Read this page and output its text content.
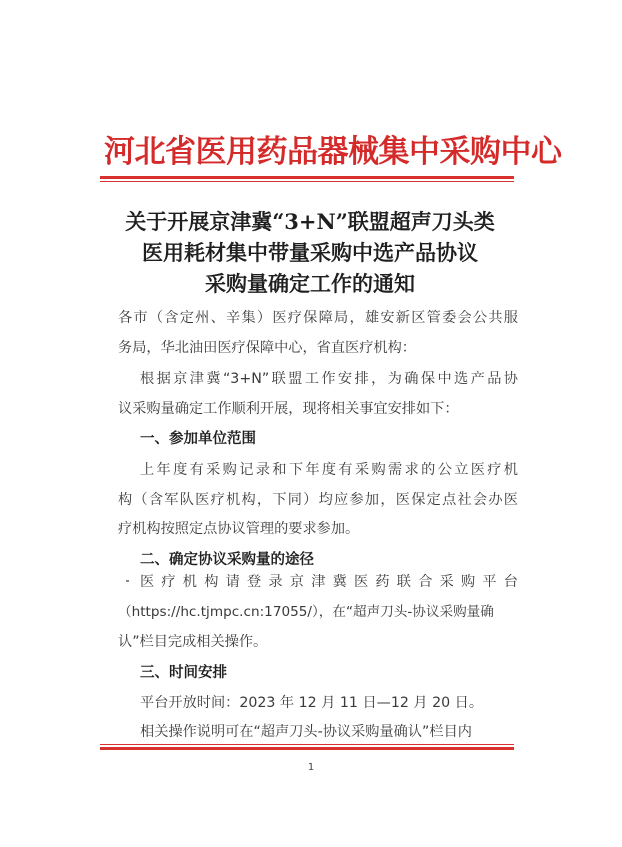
河北省医用药品器械集中采购中心
关于开展京津冀“3+N”联盟超声刀头类
医用耗材集中带量采购中选产品协议
采购量确定工作的通知
各市（含定州、辛集）医疗保障局，雄安新区管委会公共服
务局，华北油田医疗保障中心，省直医疗机构：
根据京津冀“3+N”联盟工作安排，为确保中选产品协
议采购量确定工作顺利开展，现将相关事宜安排如下：
一、参加单位范围
上年度有采购记录和下年度有采购需求的公立医疗机
构（含军队医疗机构，下同）均应参加，医保定点社会办医
疗机构按照定点协议管理的要求参加。
二、确定协议采购量的途径
医疗机构请登录京津冀医药联合采购平台
（https://hc.tjmpc.cn:17055/），在“超声刀头-协议采购量确
认”栏目完成相关操作。
三、时间安排
平台开放时间：2023 年 12 月 11 日—12 月 20 日。
相关操作说明可在“超声刀头-协议采购量确认”栏目内
1
